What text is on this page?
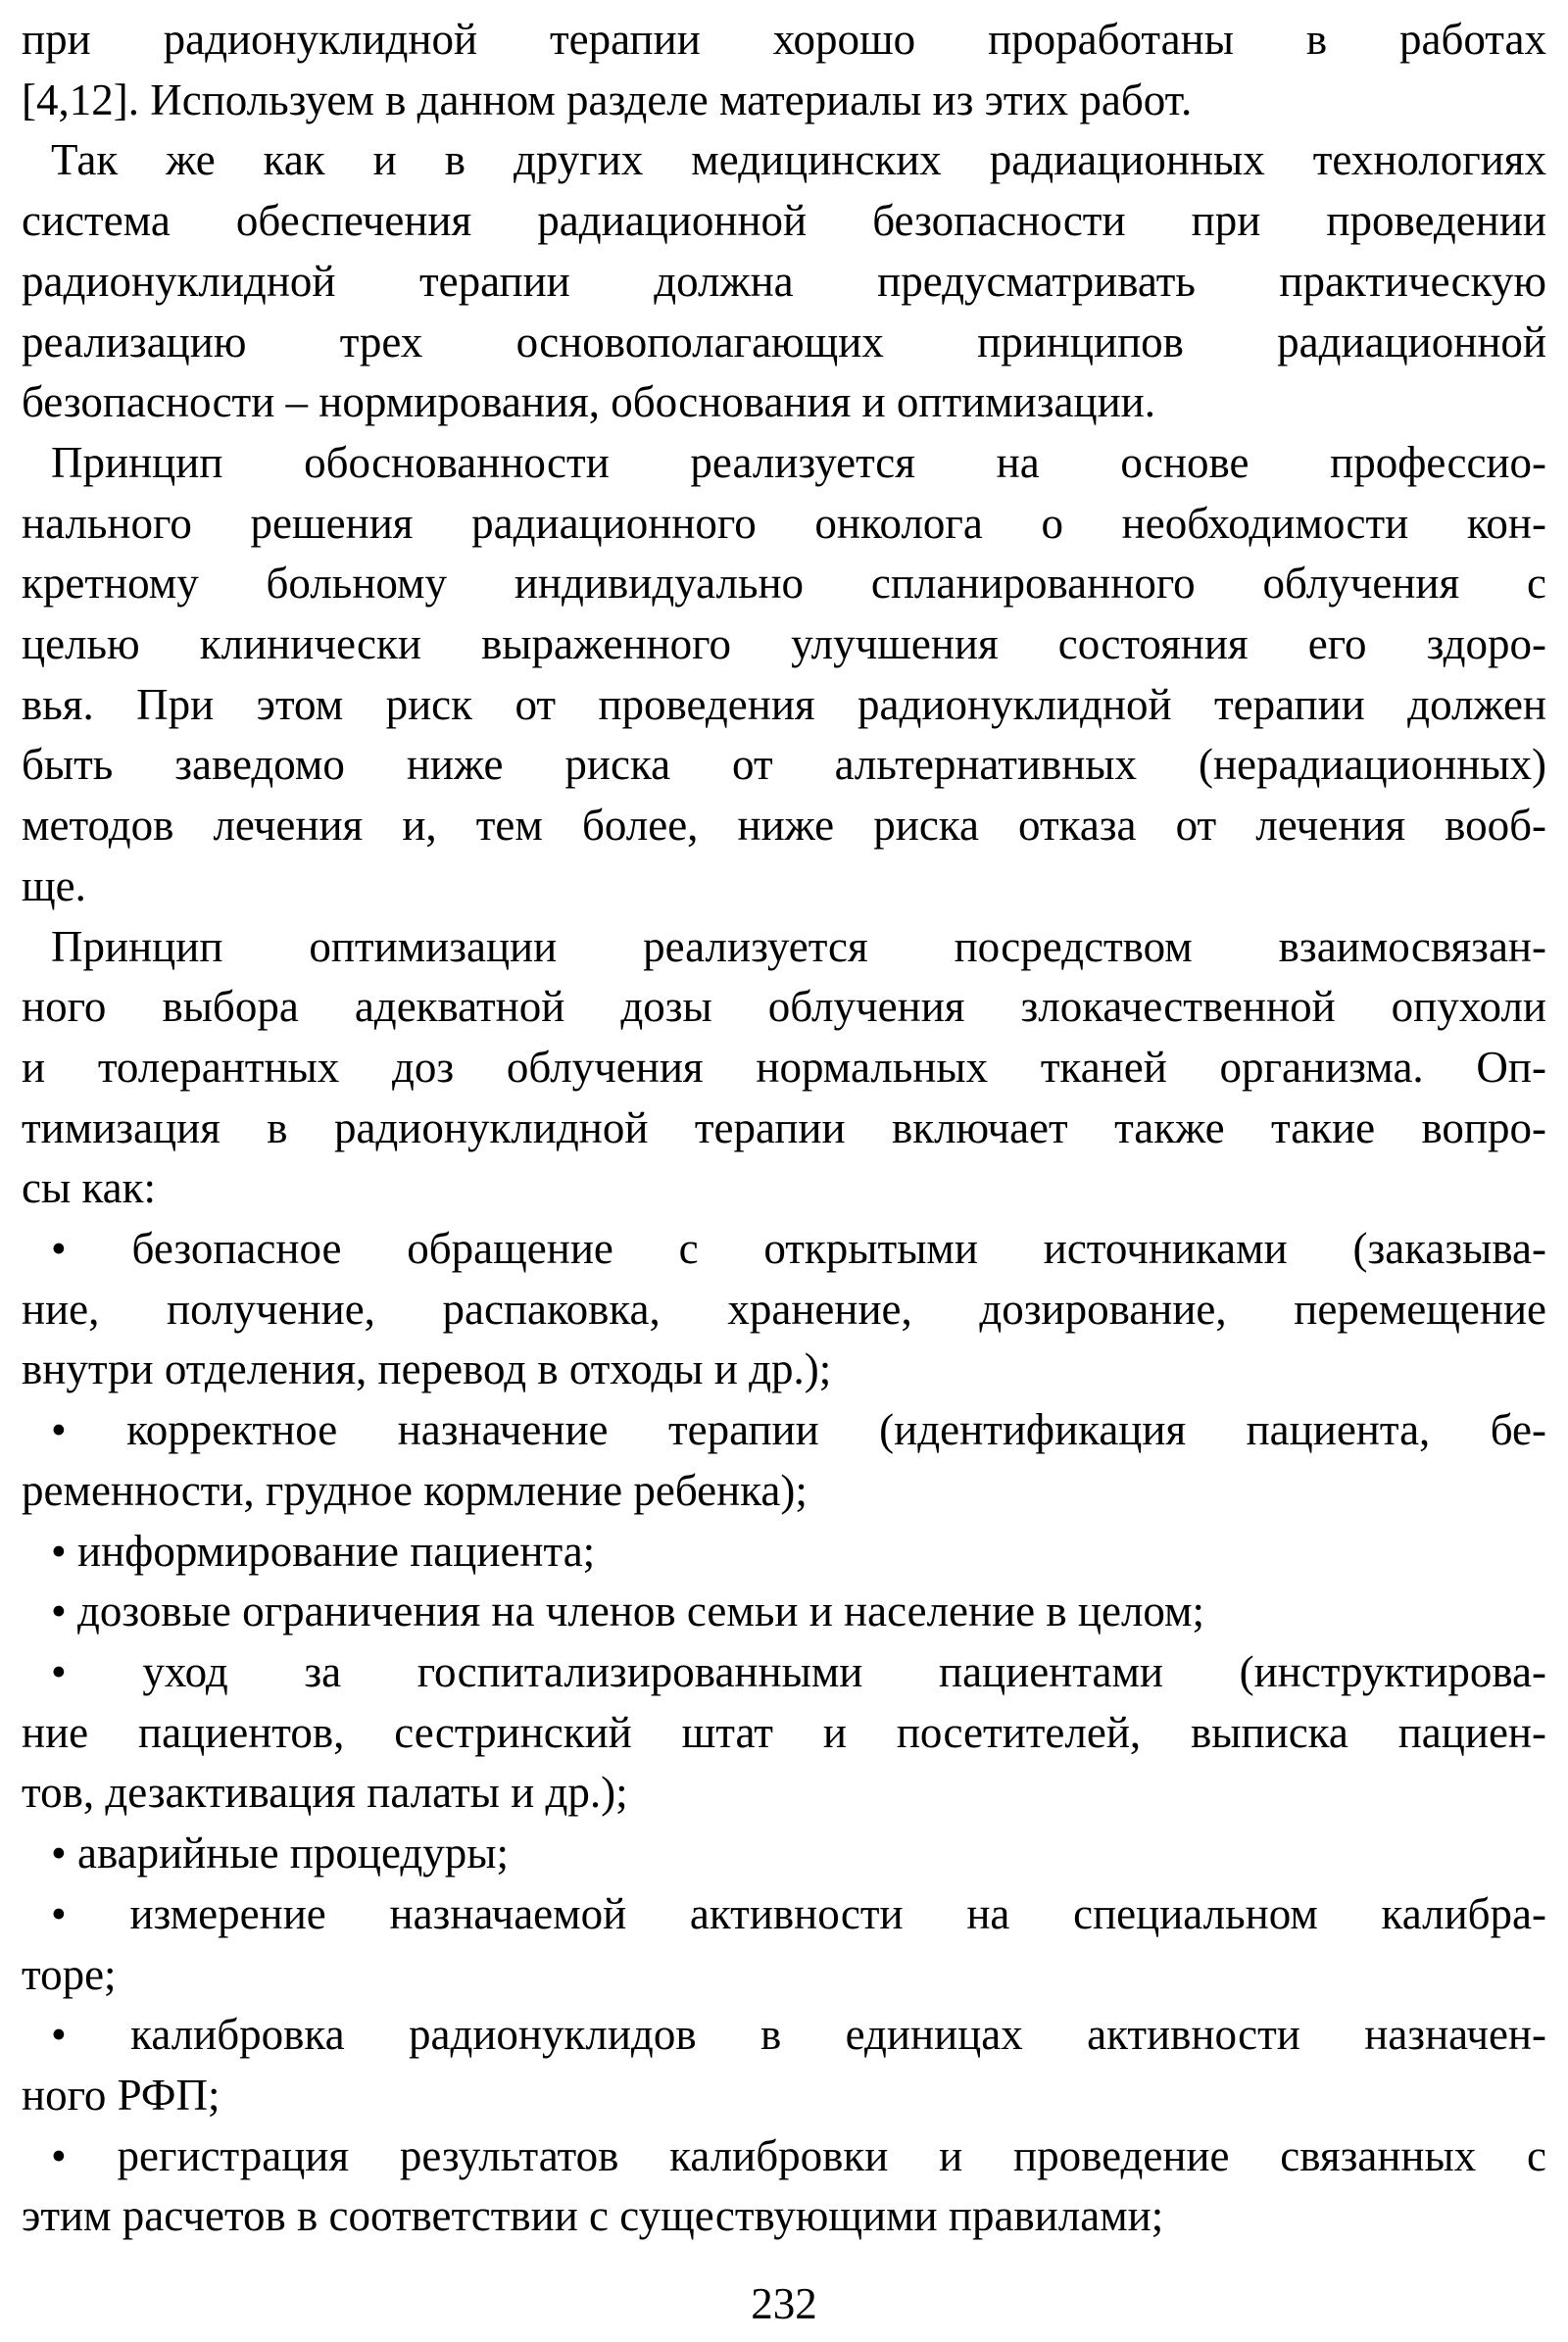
при радионуклидной терапии хорошо проработаны в работах
[4,12]. Используем в данном разделе материалы из этих работ.
Так же как и в других медицинских радиационных технологиях
система обеспечения радиационной безопасности при проведении
радионуклидной терапии должна предусматривать практическую
реализацию трех основополагающих принципов радиационной
безопасности – нормирования, обоснования и оптимизации.
Принцип обоснованности реализуется на основе профессио-
нального решения радиационного онколога о необходимости кон-
кретному больному индивидуально спланированного облучения с
целью клинически выраженного улучшения состояния его здоро-
вья. При этом риск от проведения радионуклидной терапии должен
быть заведомо ниже риска от альтернативных (нерадиационных)
методов лечения и, тем более, ниже риска отказа от лечения вооб-
ще.
Принцип оптимизации реализуется посредством взаимосвязан-
ного выбора адекватной дозы облучения злокачественной опухоли
и толерантных доз облучения нормальных тканей организма. Оп-
тимизация в радионуклидной терапии включает также такие вопро-
сы как:
• безопасное обращение с открытыми источниками (заказыва-
ние, получение, распаковка, хранение, дозирование, перемещение
внутри отделения, перевод в отходы и др.);
• корректное назначение терапии (идентификация пациента, бе-
ременности, грудное кормление ребенка);
• информирование пациента;
• дозовые ограничения на членов семьи и население в целом;
• уход за госпитализированными пациентами (инструктирова-
ние пациентов, сестринский штат и посетителей, выписка пациен-
тов, дезактивация палаты и др.);
• аварийные процедуры;
• измерение назначаемой активности на специальном калибра-
торе;
• калибровка радионуклидов в единицах активности назначен-
ного РФП;
• регистрация результатов калибровки и проведение связанных с
этим расчетов в соответствии с существующими правилами;
232
